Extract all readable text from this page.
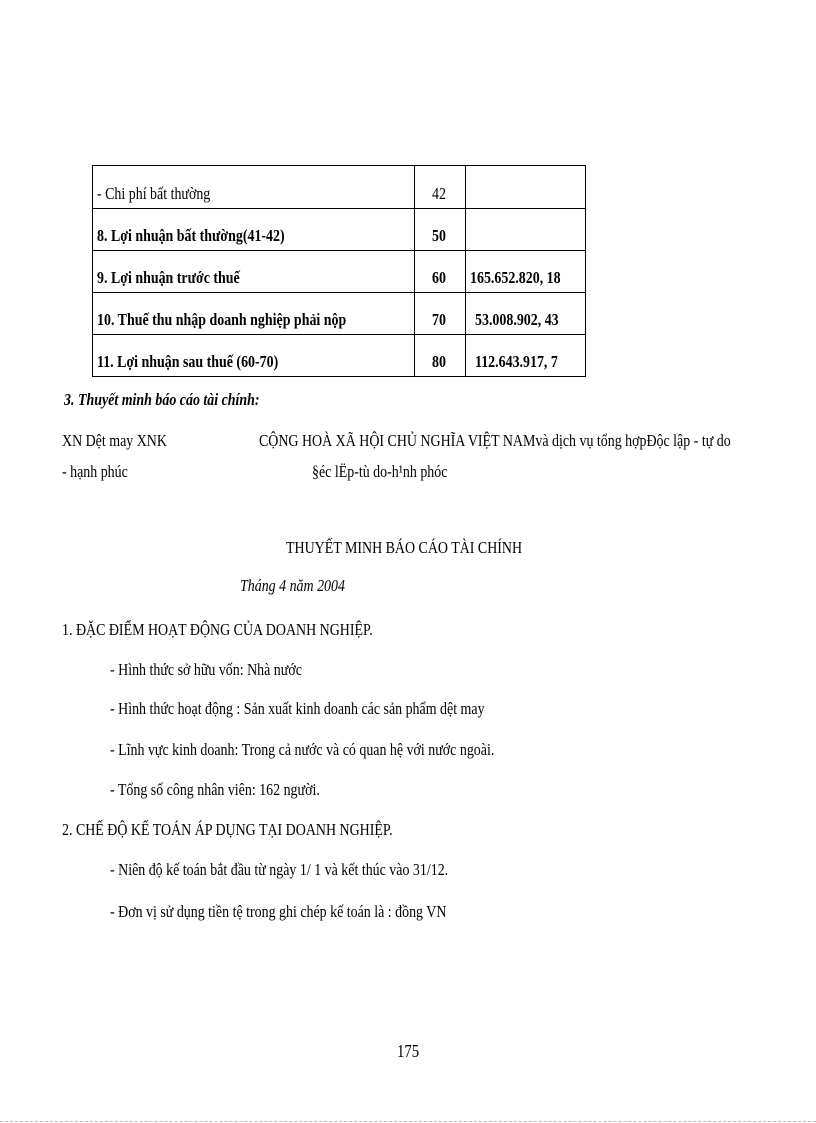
- Chi phí bất thường	42	
8. Lợi nhuận bất thường(41-42)	50	
9. Lợi nhuận trước thuế	60	165.652.820, 18
10. Thuế thu nhập doanh nghiệp phải nộp	70	53.008.902, 43
11. Lợi nhuận sau thuế (60-70)	80	112.643.917, 7
3. Thuyết minh báo cáo tài chính:
XN Dệt may XNK	CỘNG HOÀ XÃ HỘI CHỦ NGHĨA VIỆT NAMvà dịch vụ tổng hợpĐộc lập - tự do
- hạnh phúc	§éc lËp-tù do-h¹nh phóc
THUYẾT MINH BÁO CÁO TÀI CHÍNH
Tháng 4 năm 2004
1. ĐẶC ĐIỂM HOẠT ĐỘNG CỦA DOANH NGHIỆP.
- Hình thức sở hữu vốn: Nhà nước
- Hình thức hoạt động : Sản xuất kinh doanh các sản phẩm dệt may
- Lĩnh vực kinh doanh: Trong cả nước và có quan hệ với nước ngoài.
- Tổng số công nhân viên: 162 người.
2. CHẾ ĐỘ KẾ TOÁN ÁP DỤNG TẠI DOANH NGHIỆP.
- Niên độ kế toán bắt đầu từ ngày 1/ 1 và kết thúc vào 31/12.
- Đơn vị sử dụng tiền tệ trong ghi chép kế toán là : đồng VN
175
